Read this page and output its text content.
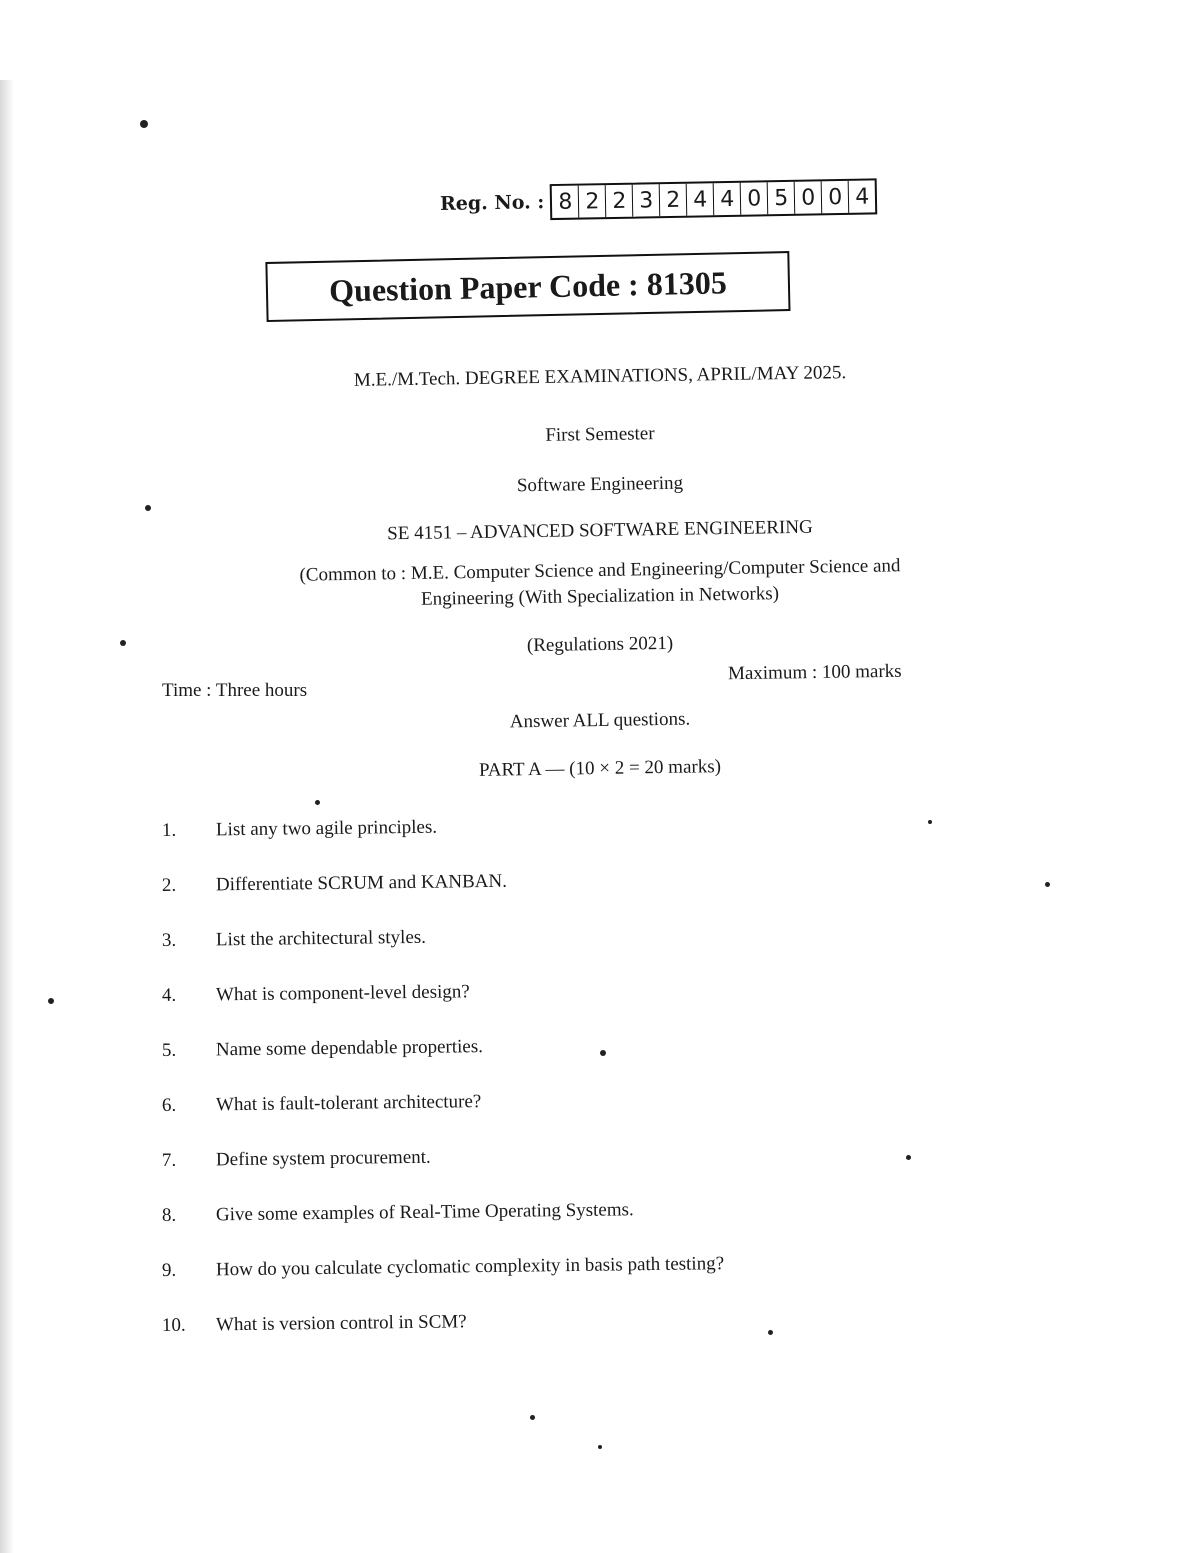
Reg. No. : 8 2 2 3 2 4 4 0 5 0 0 4
Question Paper Code : 81305
M.E./M.Tech. DEGREE EXAMINATIONS, APRIL/MAY 2025.
First Semester
Software Engineering
SE 4151 – ADVANCED SOFTWARE ENGINEERING
(Common to : M.E. Computer Science and Engineering/Computer Science and
Engineering (With Specialization in Networks)
(Regulations 2021)
Time : Three hours
Maximum : 100 marks
Answer ALL questions.
PART A — (10 × 2 = 20 marks)
1.	List any two agile principles.
2.	Differentiate SCRUM and KANBAN.
3.	List the architectural styles.
4.	What is component-level design?
5.	Name some dependable properties.
6.	What is fault-tolerant architecture?
7.	Define system procurement.
8.	Give some examples of Real-Time Operating Systems.
9.	How do you calculate cyclomatic complexity in basis path testing?
10.	What is version control in SCM?
